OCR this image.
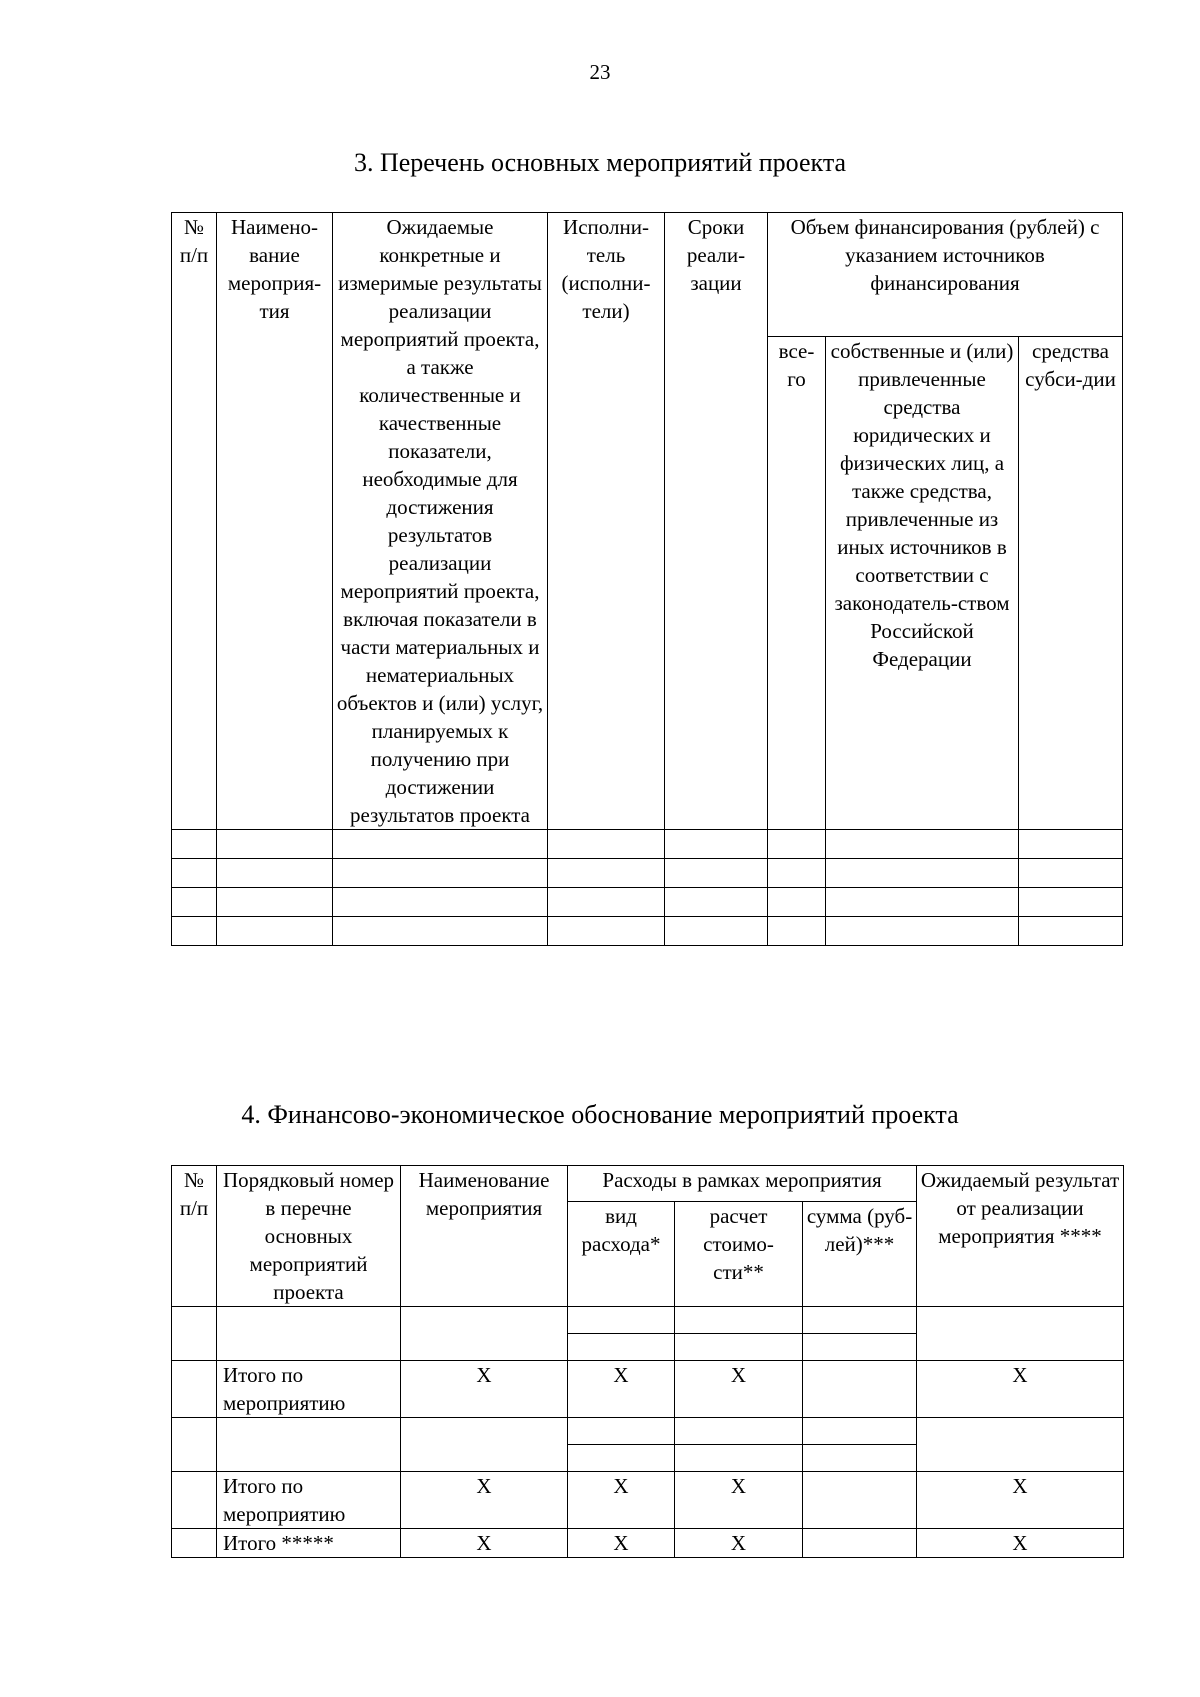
23
3. Перечень основных мероприятий проекта
№ п/п	Наимено-вание мероприя-тия	Ожидаемые конкретные и измеримые результаты реализации мероприятий проекта, а также количественные и качественные показатели, необходимые для достижения результатов реализации мероприятий проекта, включая показатели в части материальных и нематериальных объектов и (или) услуг, планируемых к получению при достижении результатов проекта	Исполни-тель (исполни-тели)	Сроки реали-зации	Объем финансирования (рублей) с указанием источников финансирования		
					все-го	собственные и (или) привлеченные средства юридических и физических лиц, а также средства, привлеченные из иных источников в соответствии с законодатель-ством Российской Федерации	средства субси-дии

4. Финансово-экономическое обоснование мероприятий проекта
№ п/п	Порядковый номер в перечне основных мероприятий проекта	Наименование мероприятия	Расходы в рамках мероприятия			Ожидаемый результат от реализации мероприятия ****
			вид расхода*	расчет стоимо-сти**	сумма (руб-лей)***	

	Итого по мероприятию	Х	Х	Х		Х

	Итого по мероприятию	Х	Х	Х		Х
	Итого *****	Х	Х	Х		Х
